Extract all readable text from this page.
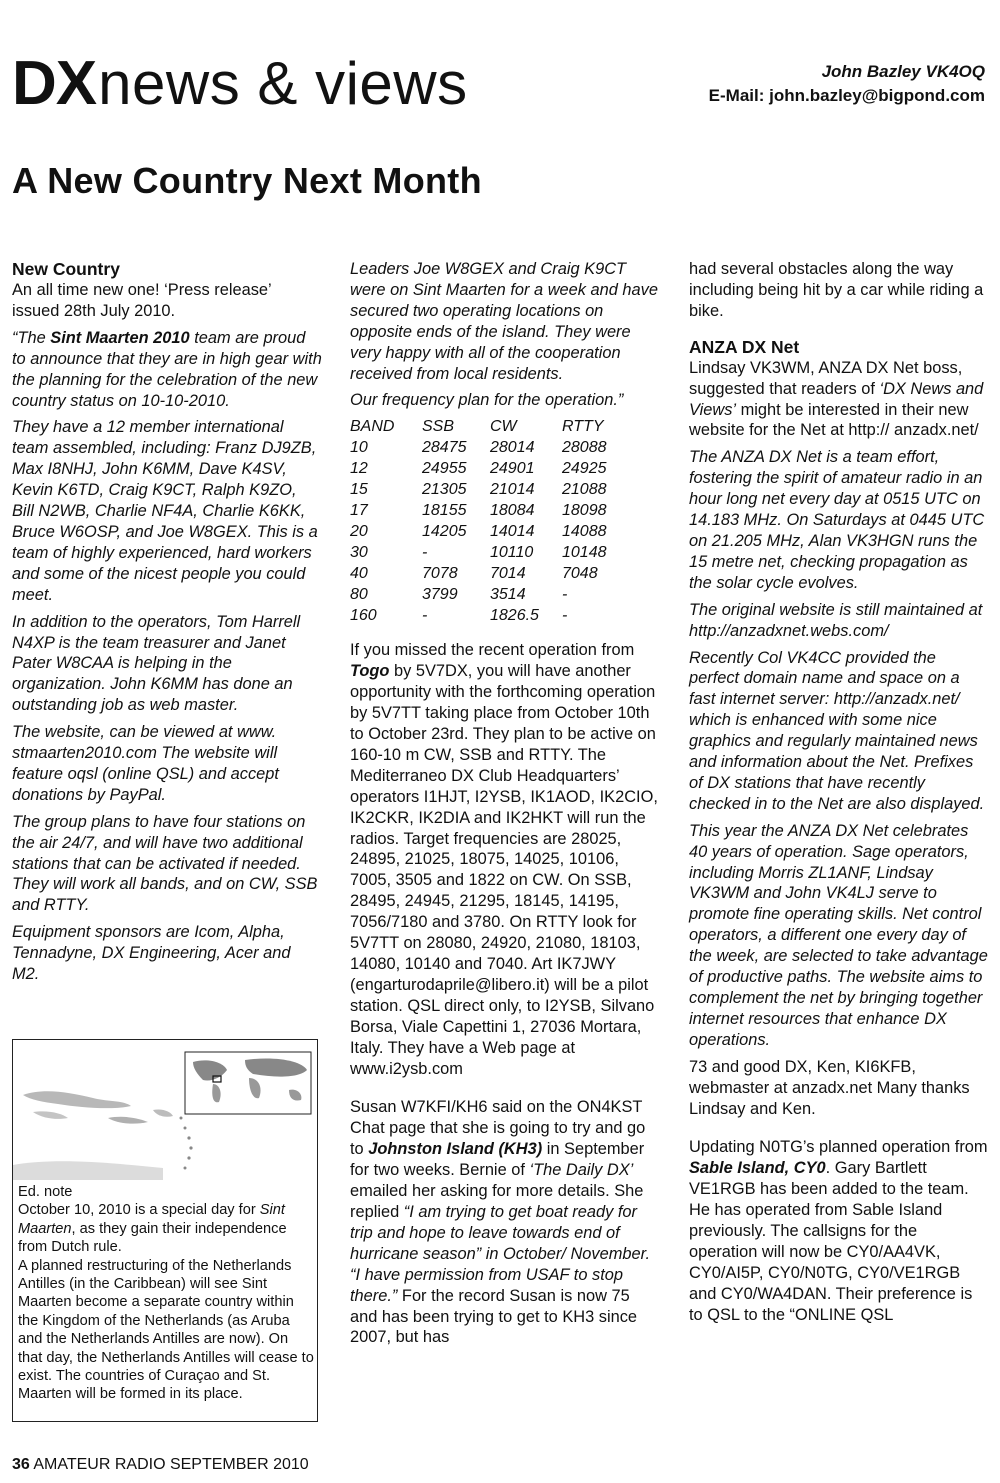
DXnews & views	John Bazley VK4OQ
E-Mail: john.bazley@bigpond.com
A New Country Next Month
New Country

An all time new one! ‘Press release’ issued 28th July 2010.

“The Sint Maarten 2010 team are proud to announce that they are in high gear with the planning for the celebration of the new country status on 10-10-2010.

They have a 12 member international team assembled, including: Franz DJ9ZB, Max I8NHJ, John K6MM, Dave K4SV, Kevin K6TD, Craig K9CT, Ralph K9ZO, Bill N2WB, Charlie NF4A, Charlie K6KK, Bruce W6OSP, and Joe W8GEX. This is a team of highly experienced, hard workers and some of the nicest people you could meet.

In addition to the operators, Tom Harrell N4XP is the team treasurer and Janet Pater W8CAA is helping in the organization. John K6MM has done an outstanding job as web master.

The website, can be viewed at www. stmaarten2010.com The website will feature oqsl (online QSL) and accept donations by PayPal.

The group plans to have four stations on the air 24/7, and will have two additional stations that can be activated if needed. They will work all bands, and on CW, SSB and RTTY.

Equipment sponsors are Icom, Alpha, Tennadyne, DX Engineering, Acer and M2.

Ed. note
October 10, 2010 is a special day for Sint Maarten, as they gain their independence from Dutch rule.
A planned restructuring of the Netherlands Antilles (in the Caribbean) will see Sint Maarten become a separate country within the Kingdom of the Netherlands (as Aruba and the Netherlands Antilles are now). On that day, the Netherlands Antilles will cease to exist. The countries of Curaçao and St. Maarten will be formed in its place.

Leaders Joe W8GEX and Craig K9CT were on Sint Maarten for a week and have secured two operating locations on opposite ends of the island. They were very happy with all of the cooperation received from local residents.

Our frequency plan for the operation.”

BAND	SSB	CW	RTTY
10	28475	28014	28088
12	24955	24901	24925
15	21305	21014	21088
17	18155	18084	18098
20	14205	14014	14088
30	-	10110	10148
40	7078	7014	7048
80	3799	3514	-
160	-	1826.5	-

If you missed the recent operation from Togo by 5V7DX, you will have another opportunity with the forthcoming operation by 5V7TT taking place from October 10th to October 23rd. They plan to be active on 160-10 m CW, SSB and RTTY. The Mediterraneo DX Club Headquarters’ operators I1HJT, I2YSB, IK1AOD, IK2CIO, IK2CKR, IK2DIA and IK2HKT will run the radios. Target frequencies are 28025, 24895, 21025, 18075, 14025, 10106, 7005, 3505 and 1822 on CW. On SSB, 28495, 24945, 21295, 18145, 14195, 7056/7180 and 3780. On RTTY look for 5V7TT on 28080, 24920, 21080, 18103, 14080, 10140 and 7040. Art IK7JWY (engarturodaprile@libero.it) will be a pilot station. QSL direct only, to I2YSB, Silvano Borsa, Viale Capettini 1, 27036 Mortara, Italy. They have a Web page at www.i2ysb.com

Susan W7KFI/KH6 said on the ON4KST Chat page that she is going to try and go to Johnston Island (KH3) in September for two weeks. Bernie of ‘The Daily DX’ emailed her asking for more details. She replied “I am trying to get boat ready for trip and hope to leave towards end of hurricane season” in October/ November. “I have permission from USAF to stop there.” For the record Susan is now 75 and has been trying to get to KH3 since 2007, but has

had several obstacles along the way including being hit by a car while riding a bike.

ANZA DX Net

Lindsay VK3WM, ANZA DX Net boss, suggested that readers of ‘DX News and Views’ might be interested in their new website for the Net at http:// anzadx.net/

The ANZA DX Net is a team effort, fostering the spirit of amateur radio in an hour long net every day at 0515 UTC on 14.183 MHz. On Saturdays at 0445 UTC on 21.205 MHz, Alan VK3HGN runs the 15 metre net, checking propagation as the solar cycle evolves.

The original website is still maintained at http://anzadxnet.webs.com/

Recently Col VK4CC provided the perfect domain name and space on a fast internet server: http://anzadx.net/ which is enhanced with some nice graphics and regularly maintained news and information about the Net. Prefixes of DX stations that have recently checked in to the Net are also displayed.

This year the ANZA DX Net celebrates 40 years of operation. Sage operators, including Morris ZL1ANF, Lindsay VK3WM and John VK4LJ serve to promote fine operating skills. Net control operators, a different one every day of the week, are selected to take advantage of productive paths. The website aims to complement the net by bringing together internet resources that enhance DX operations.

73 and good DX, Ken, KI6KFB, webmaster at anzadx.net Many thanks Lindsay and Ken.

Updating N0TG’s planned operation from Sable Island, CY0. Gary Bartlett VE1RGB has been added to the team. He has operated from Sable Island previously. The callsigns for the operation will now be CY0/AA4VK, CY0/AI5P, CY0/N0TG, CY0/VE1RGB and CY0/WA4DAN. Their preference is to QSL to the “ONLINE QSL

36 AMATEUR RADIO SEPTEMBER 2010
